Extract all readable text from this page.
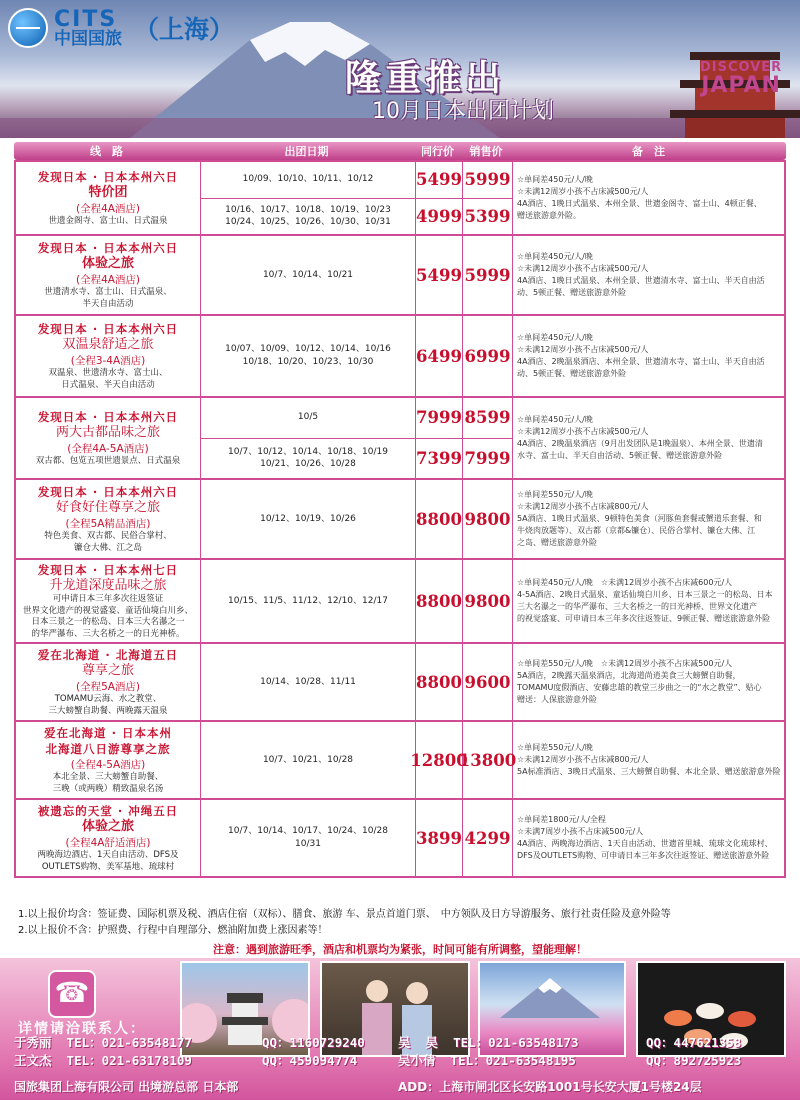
CITS
中国国旅 （上海）
隆重推出
10月日本出团计划
DISCOVER
JAPAN
线　路	出团日期	同行价	销售价	备　注
发现日本 · 日本本州六日
特价团
(全程4A酒店)
世遗金阁寺、富士山、日式温泉
10/09、10/10、10/11、10/12	5499 5999
10/16、10/17、10/18、10/19、10/23
10/24、10/25、10/26、10/30、10/31	4999 5399
☆单间差450元/人/晚
☆未满12周岁小孩不占床减500元/人
4A酒店、1晚日式温泉、本州全景、世遗金阁寺、富士山、4顿正餐、
赠送旅游意外险。
发现日本 · 日本本州六日
体验之旅
(全程4A酒店)
世遗清水寺、富士山、日式温泉、
半天自由活动
10/7、10/14、10/21	5499 5999
☆单间差450元/人/晚
☆未满12周岁小孩不占床减500元/人
4A酒店、1晚日式温泉、本州全景、世遗清水寺、富士山、半天自由活
动、5顿正餐、赠送旅游意外险
发现日本 · 日本本州六日
双温泉舒适之旅
(全程3-4A酒店)
双温泉、世遗清水寺、富士山、
日式温泉、半天自由活动
10/07、10/09、10/12、10/14、10/16
10/18、10/20、10/23、10/30	6499 6999
☆单间差450元/人/晚
☆未满12周岁小孩不占床减500元/人
4A酒店、2晚温泉酒店、本州全景、世遗清水寺、富士山、半天自由活
动、5顿正餐、赠送旅游意外险
发现日本 · 日本本州六日
两大古都品味之旅
(全程4A-5A酒店)
双古都、包览五项世遗景点、日式温泉
10/5	7999 8599
10/7、10/12、10/14、10/18、10/19
10/21、10/26、10/28	7399 7999
☆单间差450元/人/晚
☆未满12周岁小孩不占床减500元/人
4A酒店、2晚温泉酒店（9月出发团队是1晚温泉）、本州全景、世遗清
水寺、富士山、半天自由活动、5顿正餐、赠送旅游意外险
发现日本 · 日本本州六日
好食好住尊享之旅
(全程5A精品酒店)
特色美食、双古都、民俗合掌村、
镰仓大佛、江之岛
10/12、10/19、10/26	8800 9800
☆单间差550元/人/晚
☆未满12周岁小孩不占床减800元/人
5A酒店、1晚日式温泉、9顿特色美食（河豚鱼套餐或蟹道乐套餐、和
牛烧肉放题等）、双古都（京都&镰仓）、民俗合掌村、镰仓大佛、江
之岛、赠送旅游意外险
发现日本 · 日本本州七日
升龙道深度品味之旅
可申请日本三年多次往返签证
世界文化遗产的视觉盛宴、童话仙境白川乡、
日本三景之一的松岛、日本三大名瀑之一
的华严瀑布、三大名桥之一的日光神桥。
10/15、11/5、11/12、12/10、12/17	8800 9800
☆单间差450元/人/晚　☆未满12周岁小孩不占床减600元/人
4-5A酒店、2晚日式温泉、童话仙境白川乡、日本三景之一的松岛、日本
三大名瀑之一的华严瀑布、三大名桥之一的日光神桥、世界文化遗产
的视觉盛宴、可申请日本三年多次往返签证、9顿正餐、赠送旅游意外险
爱在北海道 · 北海道五日
尊享之旅
(全程5A酒店)
TOMAMU云海、水之教堂、
三大螃蟹自助餐、两晚露天温泉
10/14、10/28、11/11	8800 9600
☆单间差550元/人/晚　☆未满12周岁小孩不占床减500元/人
5A酒店，2晚露天温泉酒店，北海道尚逍美食三大螃蟹自助餐，
TOMAMU度假酒店、安藤忠雄的教堂三步曲之一的“水之教堂”、贴心
赠送：人保旅游意外险
爱在北海道 · 日本本州
北海道八日游尊享之旅
(全程4-5A酒店)
本北全景、三大螃蟹自助餐、
三晚（或两晚）精致温泉名汤
10/7、10/21、10/28	12800
13800
☆单间差550元/人/晚
☆未满12周岁小孩不占床减800元/人
5A标准酒店、3晚日式温泉、三大螃蟹自助餐、本北全景、赠送旅游意外险
被遗忘的天堂 · 冲绳五日
体验之旅
(全程4A舒适酒店)
两晚海边酒店、1天自由活动、DFS及
OUTLETS购物、美军基地、琉球村
10/7、10/14、10/17、10/24、10/28
10/31	3899 4299
☆单间差1800元/人/全程
☆未满7周岁小孩不占床减500元/人
4A酒店、两晚海边酒店、1天自由活动、世遗首里城、琉球文化琉球村、
DFS及OUTLETS购物、可申请日本三年多次往返签证、赠送旅游意外险
1.以上报价均含：签证费、国际机票及税、酒店住宿（双标）、膳食、旅游 车、景点首道门票、　中方领队及日方导游服务、旅行社责任险及意外险等
2.以上报价不含：护照费、行程中自理部分、燃油附加费上涨因素等！
注意：遇到旅游旺季，酒店和机票均为紧张，时间可能有所调整，望能理解！
☎
详情请洽联系人：
于秀丽  TEL：021-63548177	QQ：1160729240	吴  昊  TEL：021-63548173	QQ：447621358
王文杰  TEL：021-63178109	QQ：459094774	吴小倩  TEL：021-63548195	QQ：892725923
国旅集团上海有限公司 出境游总部 日本部	ADD：上海市闸北区长安路1001号长安大厦1号楼24层
